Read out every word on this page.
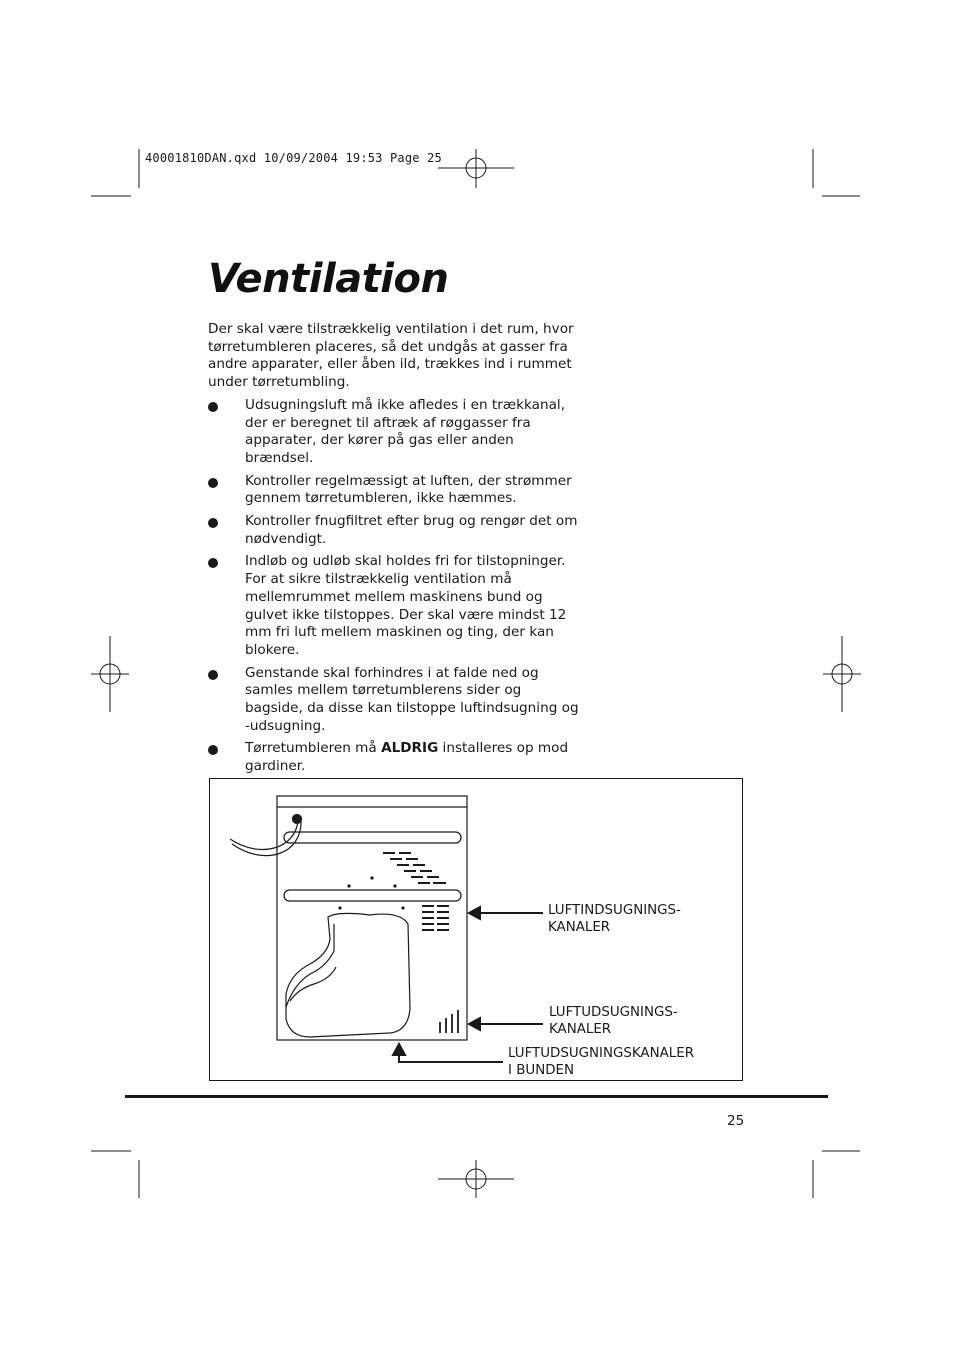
40001810DAN.qxd 10/09/2004 19:53 Page 25
Ventilation

Der skal være tilstrækkelig ventilation i det rum, hvor tørretumbleren placeres, så det undgås at gasser fra andre apparater, eller åben ild, trækkes ind i rummet under tørretumbling.

Udsugningsluft må ikke afledes i en trækkanal, der er beregnet til aftræk af røggasser fra apparater, der kører på gas eller anden brændsel.
Kontroller regelmæssigt at luften, der strømmer gennem tørretumbleren, ikke hæmmes.
Kontroller fnugfiltret efter brug og rengør det om nødvendigt.
Indløb og udløb skal holdes fri for tilstopninger. For at sikre tilstrækkelig ventilation må mellemrummet mellem maskinens bund og gulvet ikke tilstoppes. Der skal være mindst 12 mm fri luft mellem maskinen og ting, der kan blokere.
Genstande skal forhindres i at falde ned og samles mellem tørretumblerens sider og bagside, da disse kan tilstoppe luftindsugning og -udsugning.
Tørretumbleren må ALDRIG installeres op mod gardiner.
LUFTINDSUGNINGS-
KANALER
LUFTUDSUGNINGS-
KANALER
LUFTUDSUGNINGSKANALER
I BUNDEN
25
